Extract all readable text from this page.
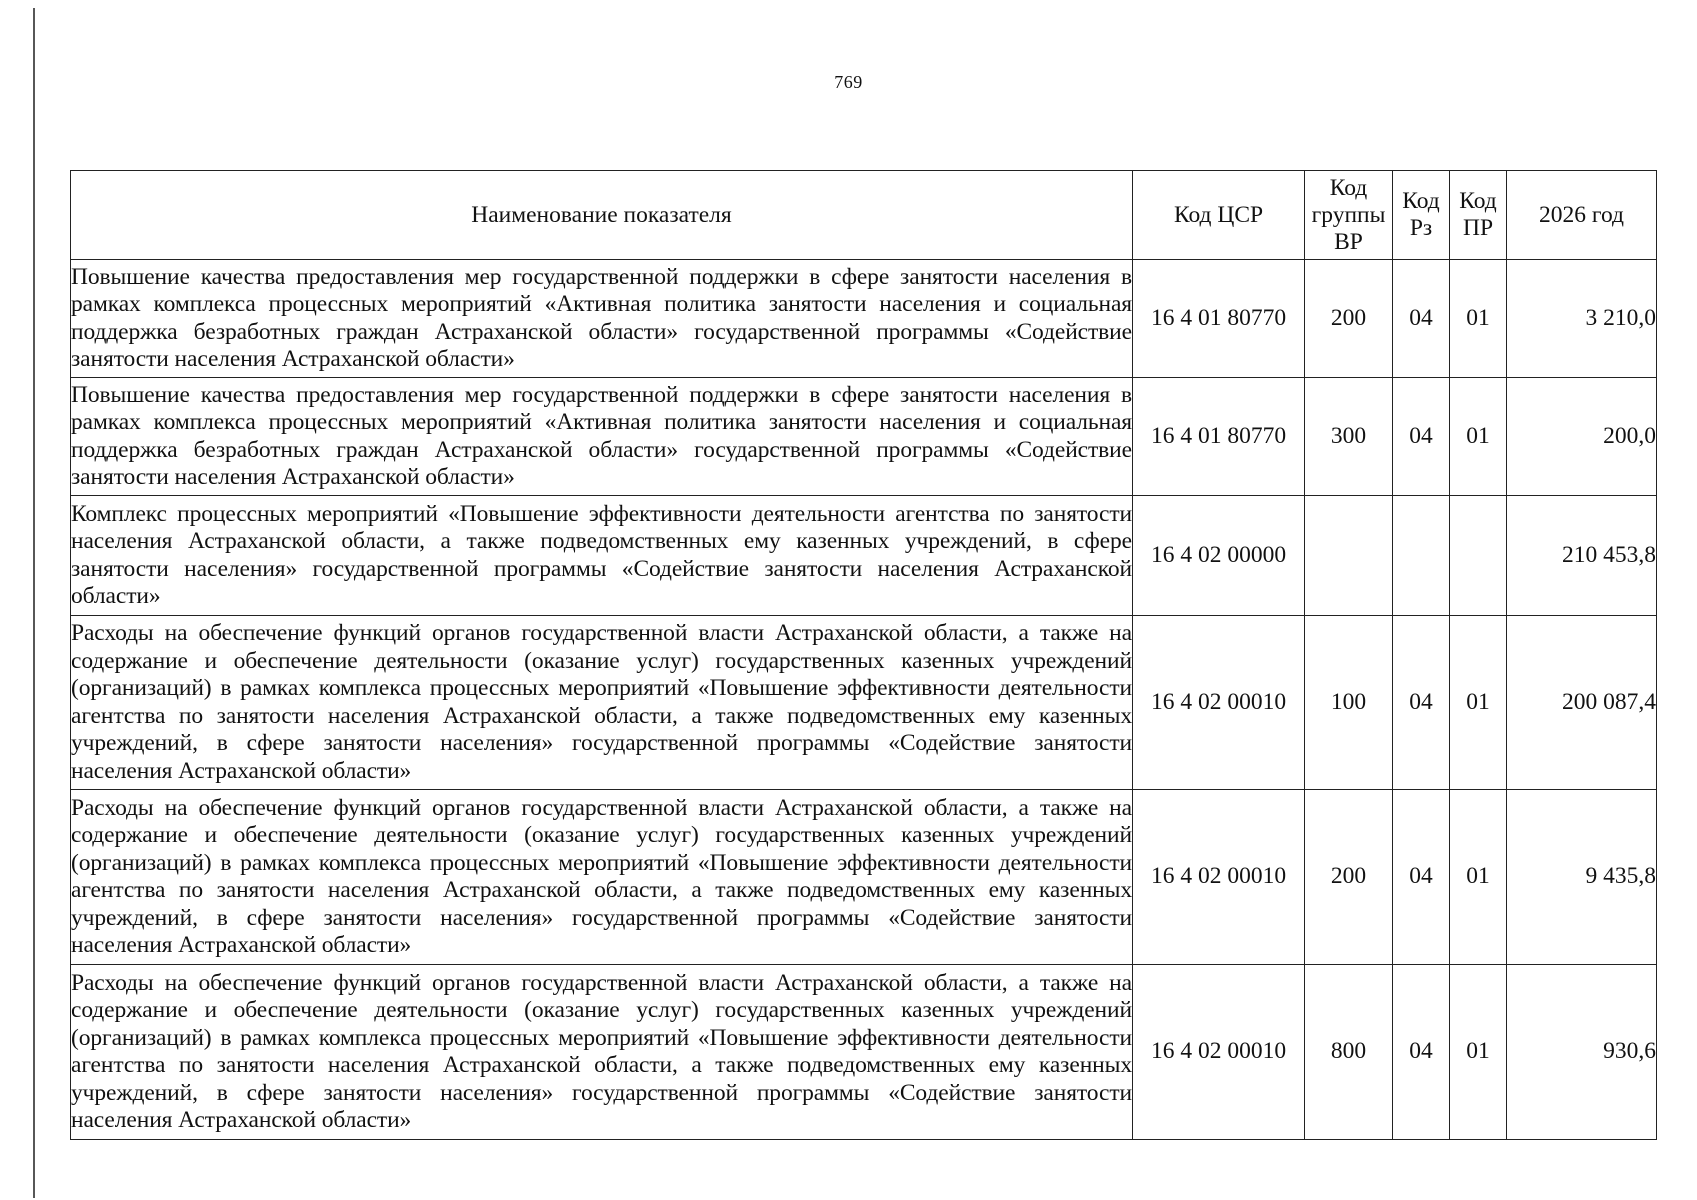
769
Наименование показателя	Код ЦСР	Код группы ВР	Код Рз	Код ПР	2026 год
Повышение качества предоставления мер государственной поддержки в сфере занятости населения в рамках комплекса процессных мероприятий «Активная политика занятости населения и социальная поддержка безработных граждан Астраханской области» государственной программы «Содействие занятости населения Астраханской области»	16 4 01 80770	200	04	01	3 210,0
Повышение качества предоставления мер государственной поддержки в сфере занятости населения в рамках комплекса процессных мероприятий «Активная политика занятости населения и социальная поддержка безработных граждан Астраханской области» государственной программы «Содействие занятости населения Астраханской области»	16 4 01 80770	300	04	01	200,0
Комплекс процессных мероприятий «Повышение эффективности деятельности агентства по занятости населения Астраханской области, а также подведомственных ему казенных учреждений, в сфере занятости населения» государственной программы «Содействие занятости населения Астраханской области»	16 4 02 00000				210 453,8
Расходы на обеспечение функций органов государственной власти Астраханской области, а также на содержание и обеспечение деятельности (оказание услуг) государственных казенных учреждений (организаций) в рамках комплекса процессных мероприятий «Повышение эффективности деятельности агентства по занятости населения Астраханской области, а также подведомственных ему казенных учреждений, в сфере занятости населения» государственной программы «Содействие занятости населения Астраханской области»	16 4 02 00010	100	04	01	200 087,4
Расходы на обеспечение функций органов государственной власти Астраханской области, а также на содержание и обеспечение деятельности (оказание услуг) государственных казенных учреждений (организаций) в рамках комплекса процессных мероприятий «Повышение эффективности деятельности агентства по занятости населения Астраханской области, а также подведомственных ему казенных учреждений, в сфере занятости населения» государственной программы «Содействие занятости населения Астраханской области»	16 4 02 00010	200	04	01	9 435,8
Расходы на обеспечение функций органов государственной власти Астраханской области, а также на содержание и обеспечение деятельности (оказание услуг) государственных казенных учреждений (организаций) в рамках комплекса процессных мероприятий «Повышение эффективности деятельности агентства по занятости населения Астраханской области, а также подведомственных ему казенных учреждений, в сфере занятости населения» государственной программы «Содействие занятости населения Астраханской области»	16 4 02 00010	800	04	01	930,6
